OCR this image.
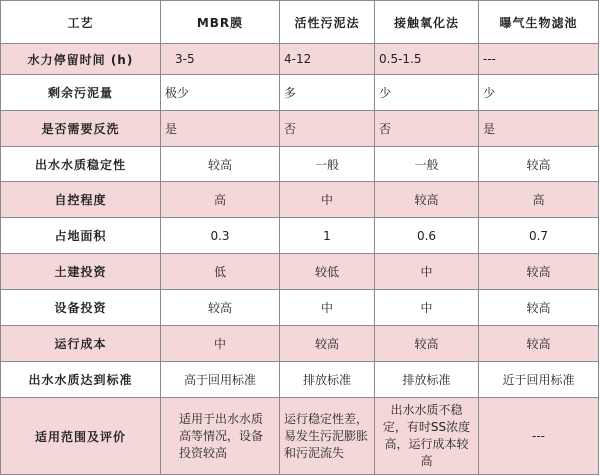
工艺	MBR膜	活性污泥法	接触氧化法	曝气生物滤池
水力停留时间 (h)	3-5	4-12	0.5-1.5	---
剩余污泥量	极少	多	少	少
是否需要反洗	是	否	否	是
出水水质稳定性	较高	一般	一般	较高
自控程度	高	中	较高	高
占地面积	0.3	1	0.6	0.7
土建投资	低	较低	中	较高
设备投资	较高	中	中	较高
运行成本	中	较高	较高	较高
出水水质达到标准	高于回用标准	排放标准	排放标准	近于回用标准
适用范围及评价	适用于出水水质高等情况，设备投资较高	运行稳定性差，易发生污泥膨胀和污泥流失	出水水质不稳定，有时SS浓度高，运行成本较高	---
